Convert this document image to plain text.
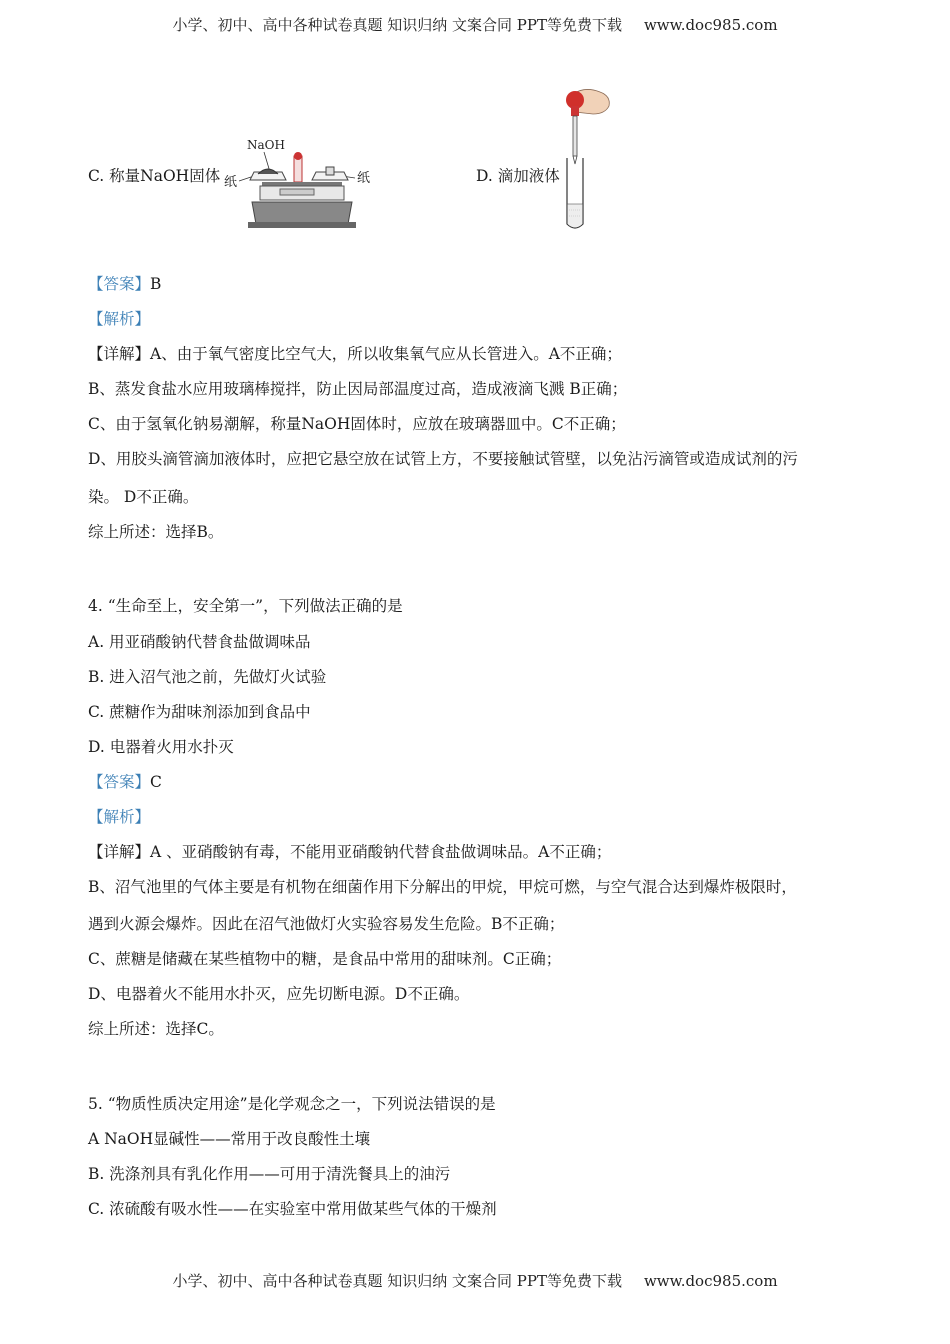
小学、初中、高中各种试卷真题 知识归纳 文案合同 PPT等免费下载 www.doc985.com
C. 称量NaOH固体
NaOH
纸	纸	D. 滴加液体
【答案】B
【解析】
【详解】A、由于氧气密度比空气大，所以收集氧气应从长管进入。A不正确；
B、蒸发食盐水应用玻璃棒搅拌，防止因局部温度过高，造成液滴飞溅 B正确；
C、由于氢氧化钠易潮解，称量NaOH固体时，应放在玻璃器皿中。C不正确；
D、用胶头滴管滴加液体时，应把它悬空放在试管上方，不要接触试管壁，以免沾污滴管或造成试剂的污
染。 D不正确。
综上所述：选择B。
4. “生命至上，安全第一”，下列做法正确的是
A. 用亚硝酸钠代替食盐做调味品
B. 进入沼气池之前，先做灯火试验
C. 蔗糖作为甜味剂添加到食品中
D. 电器着火用水扑灭
【答案】C
【解析】
【详解】A 、亚硝酸钠有毒，不能用亚硝酸钠代替食盐做调味品。A不正确；
B、沼气池里的气体主要是有机物在细菌作用下分解出的甲烷，甲烷可燃，与空气混合达到爆炸极限时，
遇到火源会爆炸。因此在沼气池做灯火实验容易发生危险。B不正确；
C、蔗糖是储藏在某些植物中的糖，是食品中常用的甜味剂。C正确；
D、电器着火不能用水扑灭，应先切断电源。D不正确。
综上所述：选择C。
5. “物质性质决定用途”是化学观念之一，下列说法错误的是
A NaOH显碱性——常用于改良酸性土壤
B. 洗涤剂具有乳化作用——可用于清洗餐具上的油污
C. 浓硫酸有吸水性——在实验室中常用做某些气体的干燥剂
小学、初中、高中各种试卷真题 知识归纳 文案合同 PPT等免费下载 www.doc985.com
